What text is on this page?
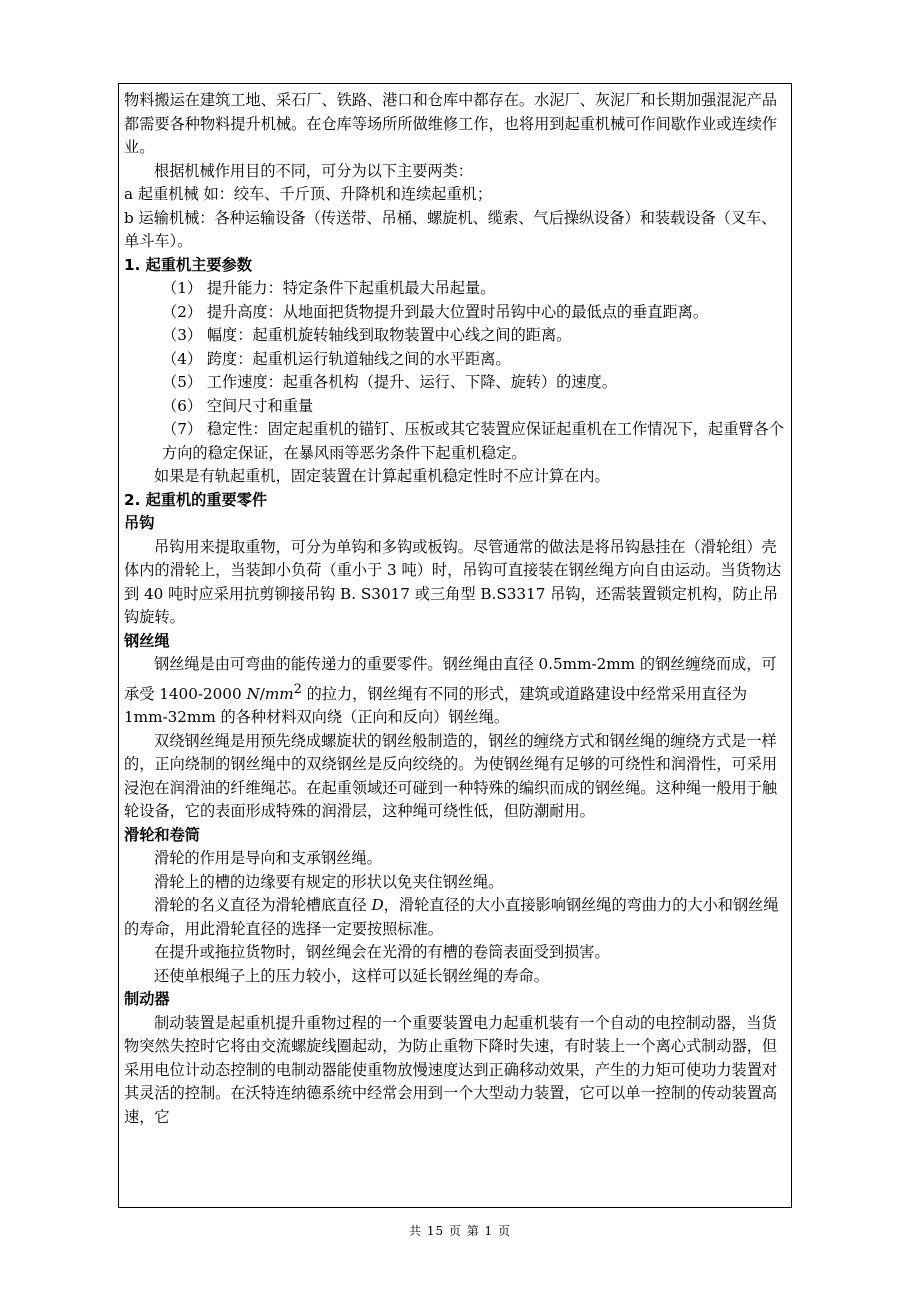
物料搬运在建筑工地、采石厂、铁路、港口和仓库中都存在。水泥厂、灰泥厂和长期加强混泥产品都需要各种物料提升机械。在仓库等场所所做维修工作，也将用到起重机械可作间歇作业或连续作业。

根据机械作用目的不同，可分为以下主要两类：

a 起重机械 如：绞车、千斤顶、升降机和连续起重机；

b 运输机械：各种运输设备（传送带、吊桶、螺旋机、缆索、气后操纵设备）和装载设备（叉车、单斗车）。

1. 起重机主要参数

（1） 提升能力：特定条件下起重机最大吊起量。

（2） 提升高度：从地面把货物提升到最大位置时吊钩中心的最低点的垂直距离。

（3） 幅度：起重机旋转轴线到取物装置中心线之间的距离。

（4） 跨度：起重机运行轨道轴线之间的水平距离。

（5） 工作速度：起重各机构（提升、运行、下降、旋转）的速度。

（6） 空间尺寸和重量

（7） 稳定性：固定起重机的锚钉、压板或其它装置应保证起重机在工作情况下，起重臂各个方向的稳定保证，在暴风雨等恶劣条件下起重机稳定。

如果是有轨起重机，固定装置在计算起重机稳定性时不应计算在内。

2. 起重机的重要零件

吊钩

吊钩用来提取重物，可分为单钩和多钩或板钩。尽管通常的做法是将吊钩悬挂在（滑轮组）壳体内的滑轮上，当装卸小负荷（重小于 3 吨）时，吊钩可直接装在钢丝绳方向自由运动。当货物达到 40 吨时应采用抗剪铆接吊钩 B. S3017 或三角型 B.S3317 吊钩，还需装置锁定机构，防止吊钩旋转。

钢丝绳

钢丝绳是由可弯曲的能传递力的重要零件。钢丝绳由直径 0.5mm-2mm 的钢丝缠绕而成，可承受 1400-2000 $N/mm^2$ 的拉力，钢丝绳有不同的形式，建筑或道路建设中经常采用直径为 1mm-32mm 的各种材料双向绕（正向和反向）钢丝绳。

双绕钢丝绳是用预先绕成螺旋状的钢丝般制造的，钢丝的缠绕方式和钢丝绳的缠绕方式是一样的，正向绕制的钢丝绳中的双绕钢丝是反向绞绕的。为使钢丝绳有足够的可绕性和润滑性，可采用浸泡在润滑油的纤维绳芯。在起重领域还可碰到一种特殊的编织而成的钢丝绳。这种绳一般用于触轮设备，它的表面形成特殊的润滑层，这种绳可绕性低，但防潮耐用。

滑轮和卷筒

滑轮的作用是导向和支承钢丝绳。

滑轮上的槽的边缘要有规定的形状以免夹住钢丝绳。

滑轮的名义直径为滑轮槽底直径 D，滑轮直径的大小直接影响钢丝绳的弯曲力的大小和钢丝绳的寿命，用此滑轮直径的选择一定要按照标准。

在提升或拖拉货物时，钢丝绳会在光滑的有槽的卷筒表面受到损害。

还使单根绳子上的压力较小，这样可以延长钢丝绳的寿命。

制动器

制动装置是起重机提升重物过程的一个重要装置电力起重机装有一个自动的电控制动器，当货物突然失控时它将由交流螺旋线圈起动，为防止重物下降时失速，有时装上一个离心式制动器，但采用电位计动态控制的电制动器能使重物放慢速度达到正确移动效果，产生的力矩可使功力装置对其灵活的控制。在沃特连纳德系统中经常会用到一个大型动力装置，它可以单一控制的传动装置高速，它

共 15 页 第 1 页
